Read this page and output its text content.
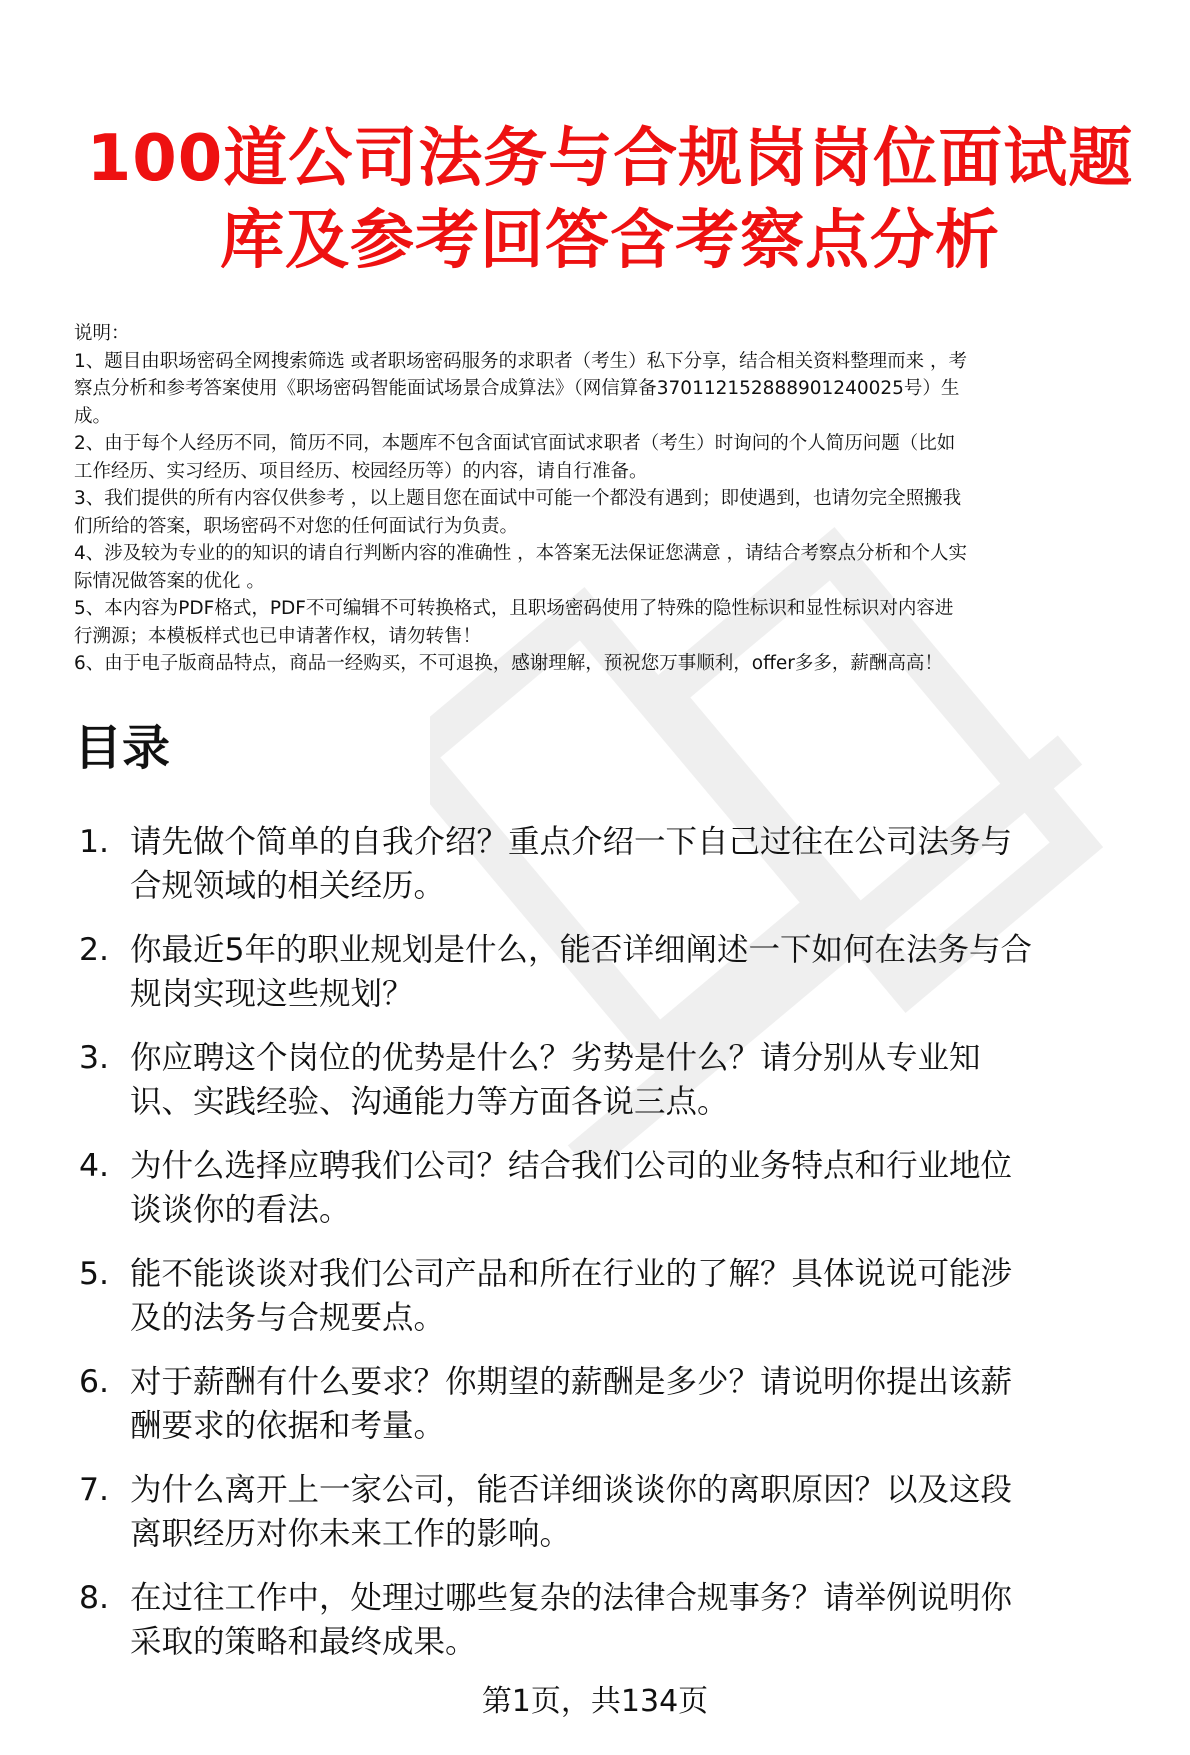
100道公司法务与合规岗岗位面试题
库及参考回答含考察点分析
说明：
1、题目由职场密码全网搜索筛选 或者职场密码服务的求职者（考生）私下分享，结合相关资料整理而来 ，考
察点分析和参考答案使用《职场密码智能面试场景合成算法》（网信算备370112152888901240025号）生
成。
2、由于每个人经历不同，简历不同，本题库不包含面试官面试求职者（考生）时询问的个人简历问题（比如
工作经历、实习经历、项目经历、校园经历等）的内容，请自行准备。
3、我们提供的所有内容仅供参考 ，以上题目您在面试中可能一个都没有遇到；即使遇到，也请勿完全照搬我
们所给的答案，职场密码不对您的任何面试行为负责。
4、涉及较为专业的的知识的请自行判断内容的准确性 ，本答案无法保证您满意 ，请结合考察点分析和个人实
际情况做答案的优化 。
5、本内容为PDF格式，PDF不可编辑不可转换格式，且职场密码使用了特殊的隐性标识和显性标识对内容进
行溯源；本模板样式也已申请著作权，请勿转售！
6、由于电子版商品特点，商品一经购买，不可退换，感谢理解，预祝您万事顺利，offer多多，薪酬高高！
目录
1. 请先做个简单的自我介绍？重点介绍一下自己过往在公司法务与
合规领域的相关经历。
2. 你最近5年的职业规划是什么，能否详细阐述一下如何在法务与合
规岗实现这些规划？
3. 你应聘这个岗位的优势是什么？劣势是什么？请分别从专业知
识、实践经验、沟通能力等方面各说三点。
4. 为什么选择应聘我们公司？结合我们公司的业务特点和行业地位
谈谈你的看法。
5. 能不能谈谈对我们公司产品和所在行业的了解？具体说说可能涉
及的法务与合规要点。
6. 对于薪酬有什么要求？你期望的薪酬是多少？请说明你提出该薪
酬要求的依据和考量。
7. 为什么离开上一家公司，能否详细谈谈你的离职原因？以及这段
离职经历对你未来工作的影响。
8. 在过往工作中，处理过哪些复杂的法律合规事务？请举例说明你
采取的策略和最终成果。
第1页，共134页
